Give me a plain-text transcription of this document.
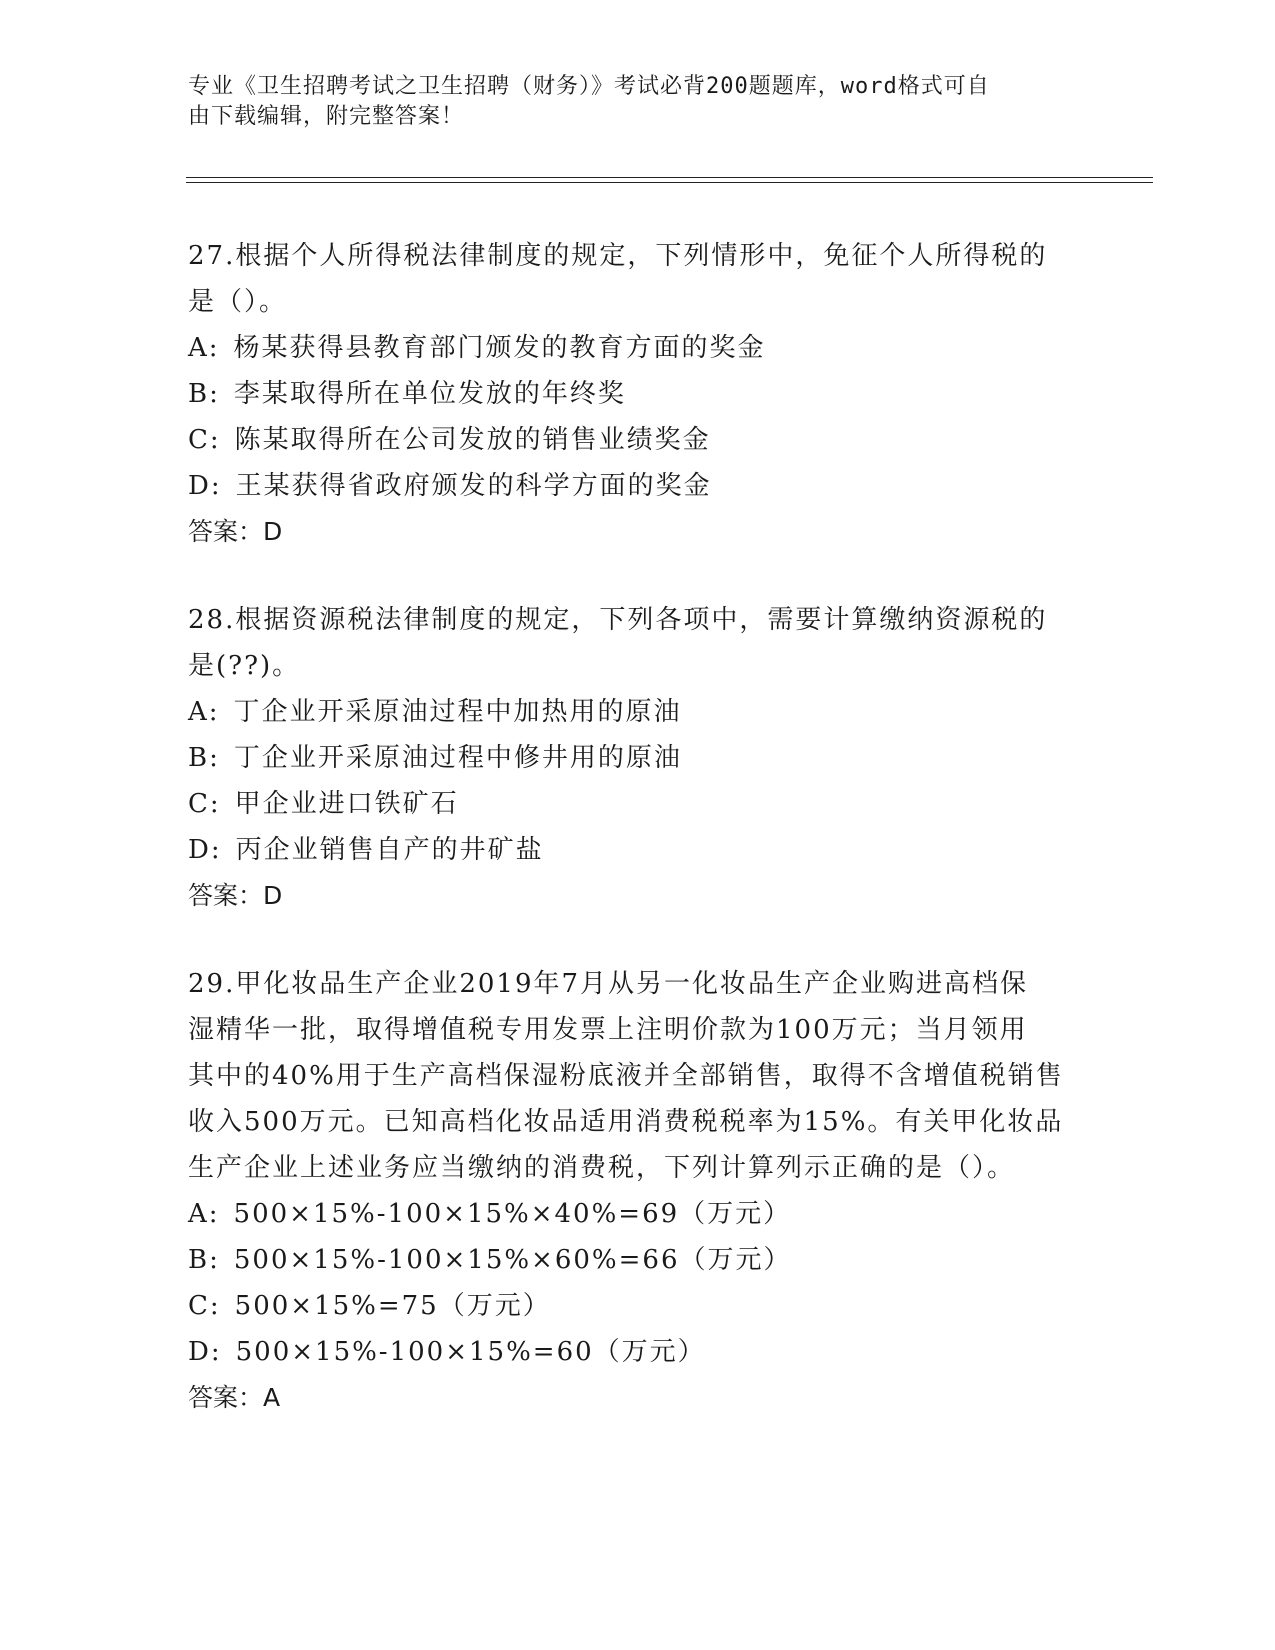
专业《卫生招聘考试之卫生招聘（财务）》考试必背200题题库，word格式可自
由下载编辑，附完整答案！

27.根据个人所得税法律制度的规定，下列情形中，免征个人所得税的

是（）。

A: 杨某获得县教育部门颁发的教育方面的奖金
B: 李某取得所在单位发放的年终奖
C: 陈某取得所在公司发放的销售业绩奖金
D: 王某获得省政府颁发的科学方面的奖金

答案：D

28.根据资源税法律制度的规定，下列各项中，需要计算缴纳资源税的

是(??)。

A: 丁企业开采原油过程中加热用的原油
B: 丁企业开采原油过程中修井用的原油
C: 甲企业进口铁矿石
D: 丙企业销售自产的井矿盐

答案：D

29.甲化妆品生产企业2019年7月从另一化妆品生产企业购进高档保

湿精华一批，取得增值税专用发票上注明价款为100万元；当月领用

其中的40%用于生产高档保湿粉底液并全部销售，取得不含增值税销售

收入500万元。已知高档化妆品适用消费税税率为15%。有关甲化妆品

生产企业上述业务应当缴纳的消费税，下列计算列示正确的是（）。

A: 500×15%-100×15%×40%=69（万元）
B: 500×15%-100×15%×60%=66（万元）
C: 500×15%=75（万元）
D: 500×15%-100×15%=60（万元）

答案：A
